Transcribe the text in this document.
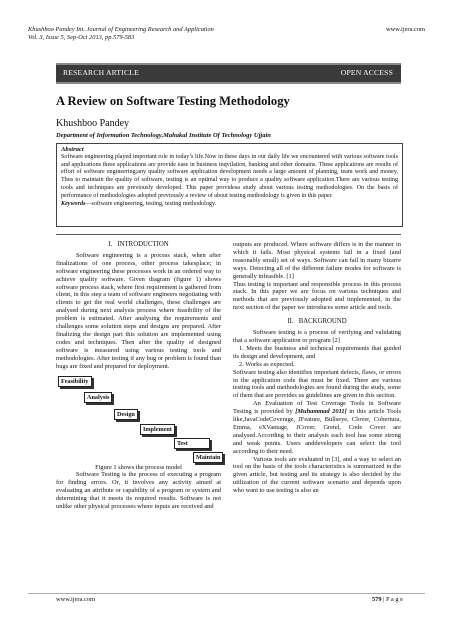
Khushboo Pandey Int. Journal of Engineering Research and Application
Vol. 3, Issue 5, Sep-Oct 2013, pp.579-583
www.ijera.com
RESEARCH ARTICLE	OPEN ACCESS
A Review on Software Testing Methodology
Khushboo Pandey
Department of Information Technology,Mahakal Institute Of Technology Ujjain
Abstract
Software engineering played important role in today’s life.Now in these days in our daily life we encountered with various software tools and applications these applications are provide ease in business inqvilation, banking and other domains. These applications are results of effort of software engineering;any quality software application development needs a large amount of planning, team work and money. Thus to maintain the quality of software, testing is an optimal way to produce a quality software application.There are various testing tools and techniques are previously developed. This paper providesa study about various testing methodologies. On the basis of performance of methodologies adopted previously a review of about testing methodology is given in this paper.
Keywords—software engineering, testing, testing methodology.
I. INTRODUCTION

Software engineering is a process stack, when after finalizations of one process, other process takesplace; in software engineering these processes work in an ordered way to achieve quality software. Given diagram (figure 1) shows software process stack, where first requirement is gathered from client, in this step a team of software engineers negotiating with clients to get the real world challenges, these challenges are analysed during next analysis process where feasibility of the problem is estimated. After analysing the requirements and challenges some solution steps and designs are prepared. After finalizing the design part this solution are implemented using codes and techniques. Then after the quality of designed software is measured using various testing tools and methodologies. After testing if any bug or problem is found than bugs are fixed and prepared for deployment.

Feasibility
Analysis
Design
Implement
Test
Maintain

Figure 1 shows the process model

Software Testing is the process of executing a program for finding errors. Or, it involves any activity aimed at evaluating an attribute or capability of a program or system and determining that it meets its required results. Software is not unlike other physical processes where inputs are received and

outputs are produced. Where software differs is in the manner in which it fails. Most physical systems fail in a fixed (and reasonably small) set of ways. Software can fail in many bizarre ways. Detecting all of the different failure modes for software is generally infeasible. [1]

Thus testing is important and responsible process in this process stack. In this paper we are focus on various techniques and methods that are previously adopted and implemented, in the next section of the paper we introduces some article and tools.

II. BACKGROUND

Software testing is a process of verifying and validating that a software application or program [2]

1. Meets the business and technical requirements that guided its design and development, and

2. Works as expected.

Software testing also identifies important defects, flaws, or errors in the application code that must be fixed. There are various testing tools and methodologies are found during the study, some of them that are provides us guidelines are given in this section.

An Evaluation of Test Coverage Tools in Software Testing is provided by [Muhammad 2011] in this article Tools like,JavaCodeCoverage, JFeature, Bullseye, Clover, Cobertura, Emma, eXVantage, JCover, Gretel, Code Cover are analysed.According to their analysis each tool has some strong and weak points. Users anddevelopers can select the tool according to their need.

Various tools are evaluated in [3], and a way to select an tool on the basis of the tools characteristics is summarized in the given article, but testing and its strategy is also decided by the utilization of the current software scenario and depends upon who want to use testing is also an

www.ijera.com	579 | P a g e
